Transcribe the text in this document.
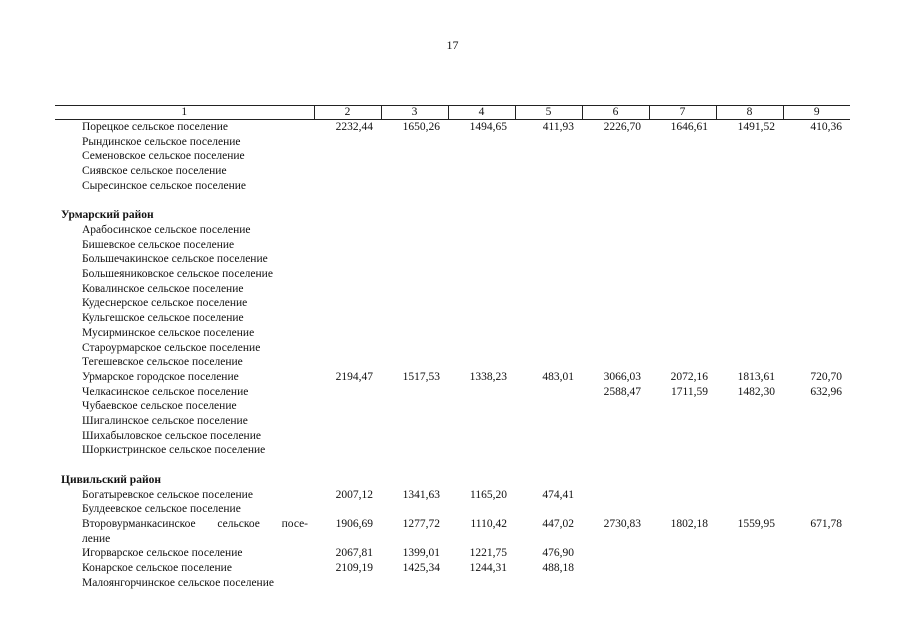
17
1	2	3	4	5	6	7	8	9
Порецкое сельское поселение	2232,44	1650,26	1494,65	411,93	2226,70	1646,61	1491,52	410,36
Рындинское сельское поселение								
Семеновское сельское поселение								
Сиявское сельское поселение								
Сыресинское сельское поселение								

Урмарский район								
Арабосинское сельское поселение								
Бишевское сельское поселение								
Большечакинское сельское поселение								
Большеяниковское сельское поселение								
Ковалинское сельское поселение								
Кудеснерское сельское поселение								
Кульгешское сельское поселение								
Мусирминское сельское поселение								
Староурмарское сельское поселение								
Тегешевское сельское поселение								
Урмарское городское поселение	2194,47	1517,53	1338,23	483,01	3066,03	2072,16	1813,61	720,70
Челкасинское сельское поселение					2588,47	1711,59	1482,30	632,96
Чубаевское сельское поселение								
Шигалинское сельское поселение								
Шихабыловское сельское поселение								
Шоркистринское сельское поселение								

Цивильский район								
Богатыревское сельское поселение	2007,12	1341,63	1165,20	474,41				
Булдеевское сельское поселение								
Второвурманкасинское сельское посе-	1906,69	1277,72	1110,42	447,02	2730,83	1802,18	1559,95	671,78
ление								
Игорварское сельское поселение	2067,81	1399,01	1221,75	476,90				
Конарское сельское поселение	2109,19	1425,34	1244,31	488,18				
Малоянгорчинское сельское поселение								
